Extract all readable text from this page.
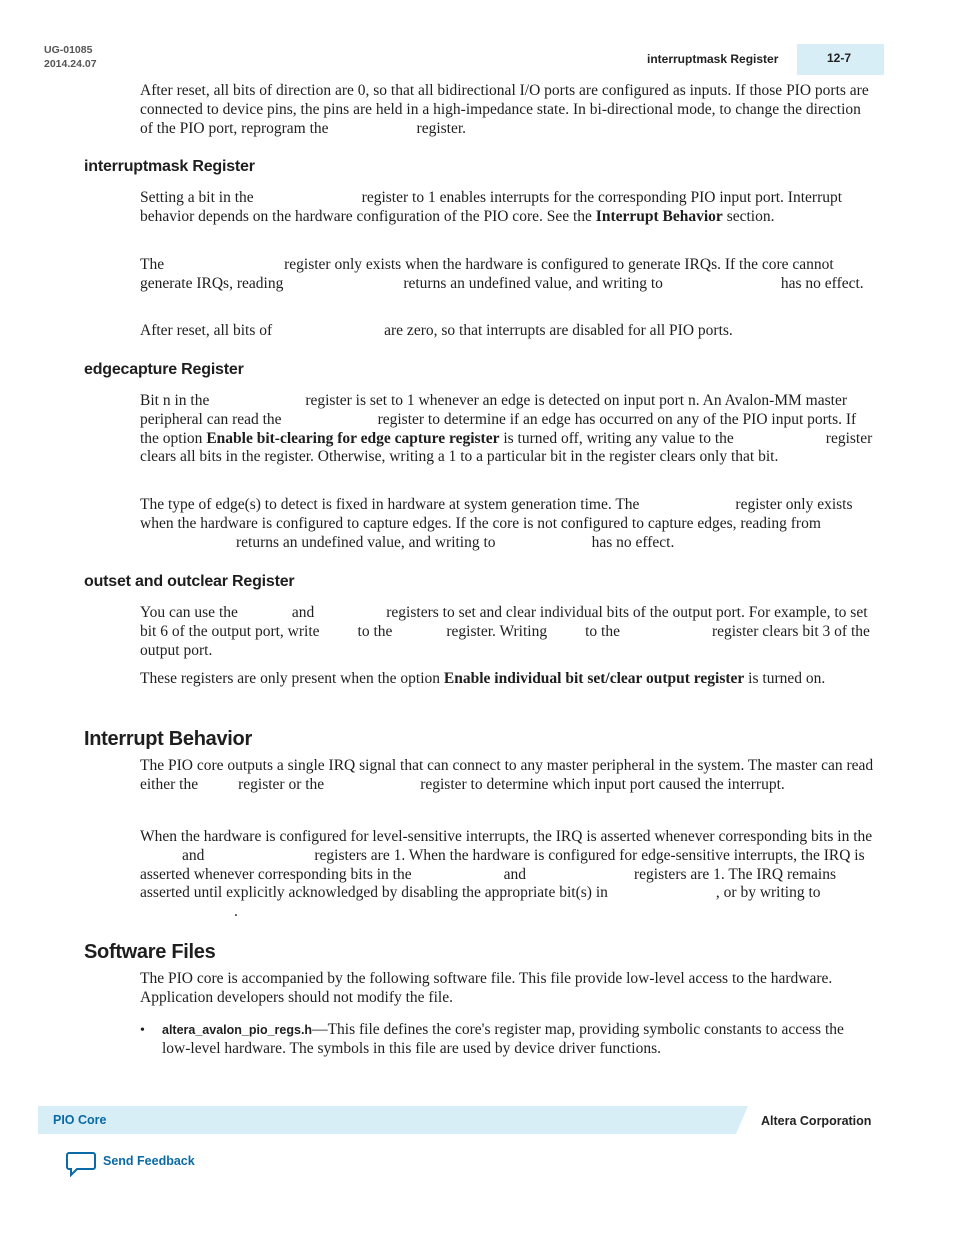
UG-01085
2014.24.07	interruptmask Register	12-7

After reset, all bits of direction are 0, so that all bidirectional I/O ports are configured as inputs. If those PIO ports are connected to device pins, the pins are held in a high-impedance state. In bi-directional mode, to change the direction of the PIO port, reprogram the	register.

interruptmask Register

Setting a bit in the	register to 1 enables interrupts for the corresponding PIO input port. Interrupt behavior depends on the hardware configuration of the PIO core. See the Interrupt Behavior section.

The	register only exists when the hardware is configured to generate IRQs. If the core cannot generate IRQs, reading	returns an undefined value, and writing to	has no effect.

After reset, all bits of	are zero, so that interrupts are disabled for all PIO ports.

edgecapture Register

Bit n in the	register is set to 1 whenever an edge is detected on input port n. An Avalon-MM master peripheral can read the	register to determine if an edge has occurred on any of the PIO input ports. If the option Enable bit-clearing for edge capture register is turned off, writing any value to the	register clears all bits in the register. Otherwise, writing a 1 to a particular bit in the register clears only that bit.

The type of edge(s) to detect is fixed in hardware at system generation time. The	register only exists when the hardware is configured to capture edges. If the core is not configured to capture edges, reading fromreturns an undefined value, and writing to	has no effect.

outset and outclear Register

You can use the	and	registers to set and clear individual bits of the output port. For example, to set bit 6 of the output port, write to the	register. Writing to the	register clears bit 3 of the output port.

These registers are only present when the option Enable individual bit set/clear output register is turned on.

Interrupt Behavior

The PIO core outputs a single IRQ signal that can connect to any master peripheral in the system. The master can read either the	register or the	register to determine which input port caused the interrupt.

When the hardware is configured for level-sensitive interrupts, the IRQ is asserted whenever corresponding bits in theand	registers are 1. When the hardware is configured for edge-sensitive interrupts, the IRQ is asserted whenever corresponding bits in the	and	registers are 1. The IRQ remains asserted until explicitly acknowledged by disabling the appropriate bit(s) in	, or by writing to.

Software Files

The PIO core is accompanied by the following software file. This file provide low-level access to the hardware. Application developers should not modify the file.

• altera_avalon_pio_regs.h—This file defines the core's register map, providing symbolic constants to access the low-level hardware. The symbols in this file are used by device driver functions.

PIO Core	Altera Corporation
Send Feedback
